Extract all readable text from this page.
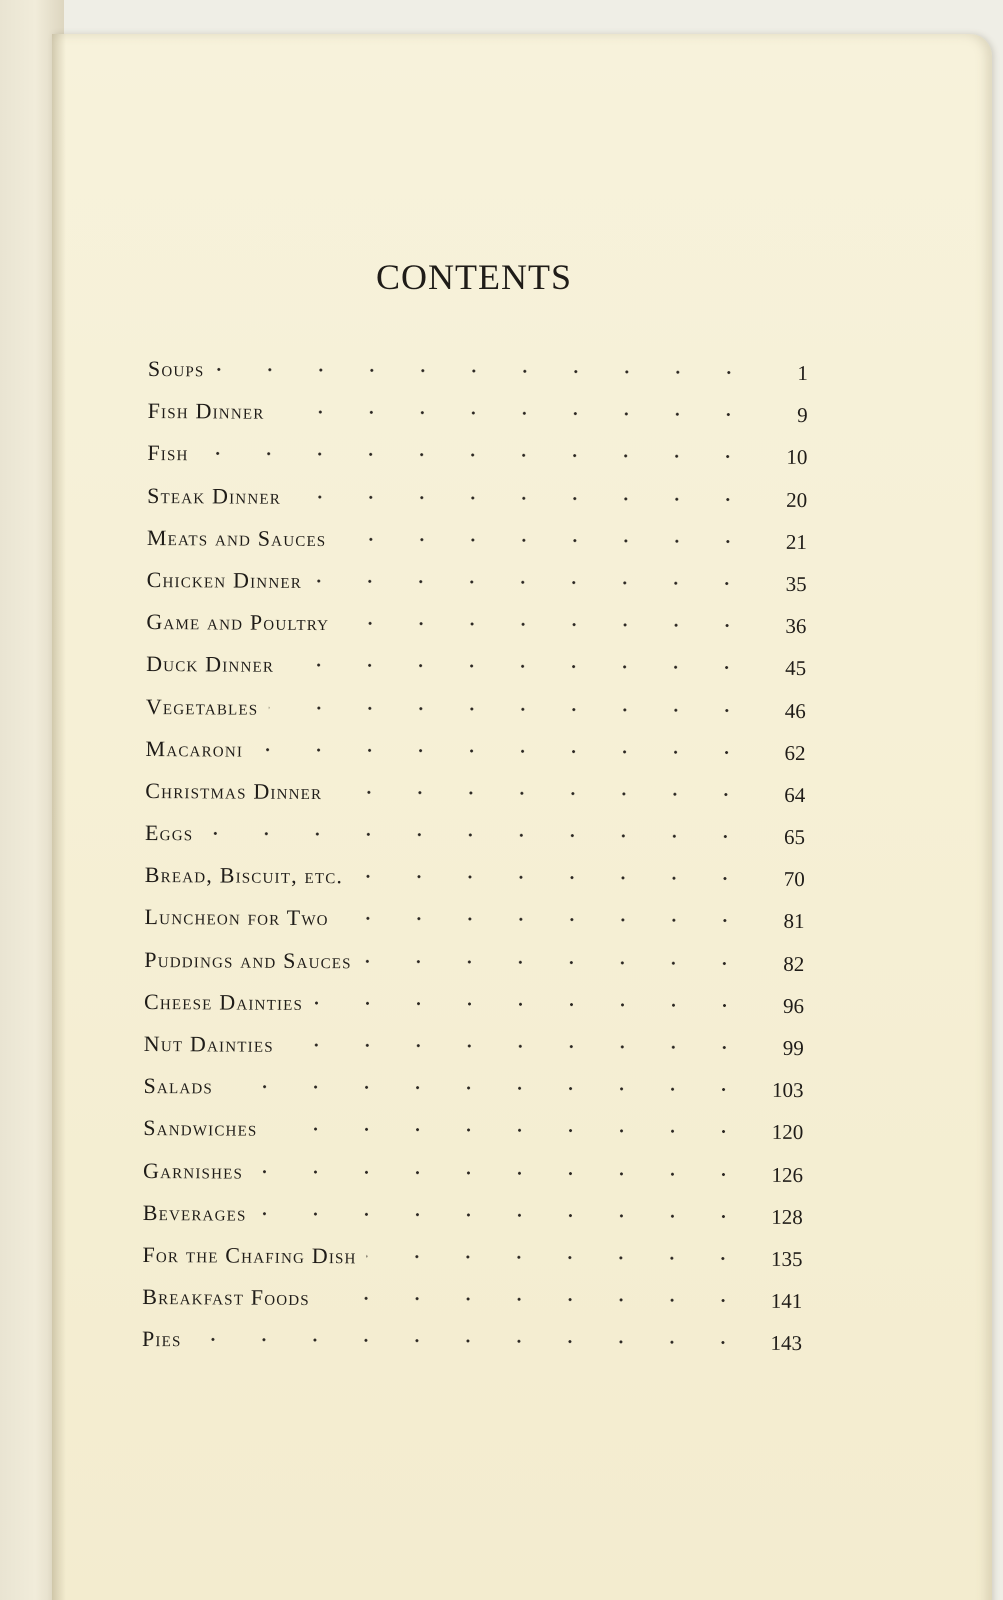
CONTENTS
Soups	1
Fish Dinner	9
Fish	10
Steak Dinner	20
Meats and Sauces	21
Chicken Dinner	35
Game and Poultry	36
Duck Dinner	45
Vegetables	46
Macaroni	62
Christmas Dinner	64
Eggs	65
Bread, Biscuit, etc.	70
Luncheon for Two	81
Puddings and Sauces	82
Cheese Dainties	96
Nut Dainties	99
Salads	103
Sandwiches	120
Garnishes	126
Beverages	128
For the Chafing Dish	135
Breakfast Foods	141
Pies	143
